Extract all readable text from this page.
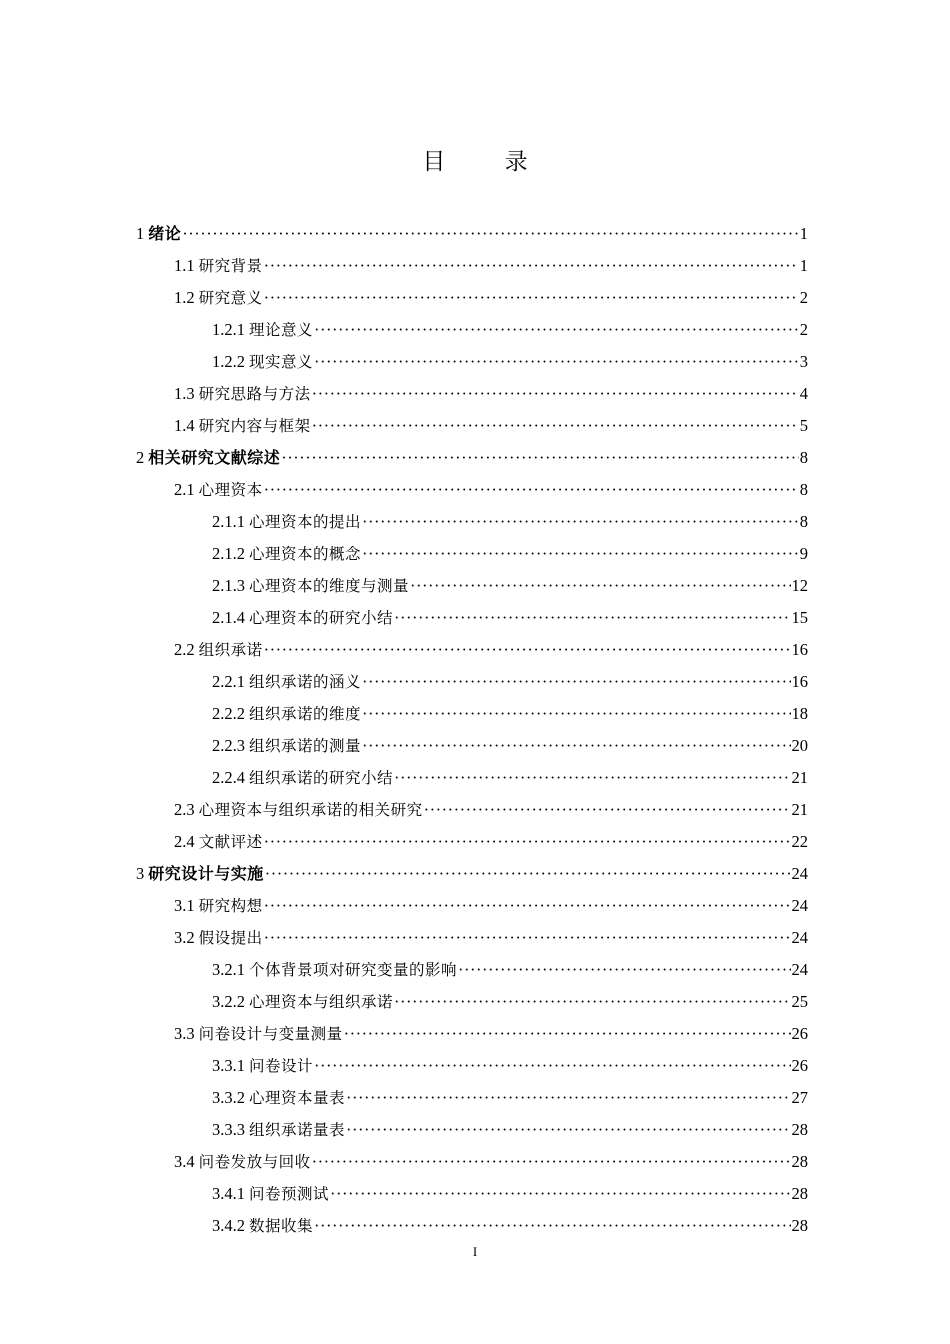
目 录
1 绪论 ·····	1
1.1 研究背景 ·····	1
1.2 研究意义 ·····	2
1.2.1 理论意义 ·····	2
1.2.2 现实意义 ·····	3
1.3 研究思路与方法 ·····	4
1.4 研究内容与框架 ·····	5
2 相关研究文献综述 ·····	8
2.1 心理资本 ·····	8
2.1.1 心理资本的提出 ·····	8
2.1.2 心理资本的概念 ·····	9
2.1.3 心理资本的维度与测量 ·····	12
2.1.4 心理资本的研究小结 ·····	15
2.2 组织承诺 ·····	16
2.2.1 组织承诺的涵义 ·····	16
2.2.2 组织承诺的维度 ·····	18
2.2.3 组织承诺的测量 ·····	20
2.2.4 组织承诺的研究小结 ·····	21
2.3 心理资本与组织承诺的相关研究 ·····	21
2.4 文献评述 ·····	22
3 研究设计与实施 ·····	24
3.1 研究构想 ·····	24
3.2 假设提出 ·····	24
3.2.1 个体背景项对研究变量的影响 ·····	24
3.2.2 心理资本与组织承诺 ·····	25
3.3 问卷设计与变量测量 ·····	26
3.3.1 问卷设计 ·····	26
3.3.2 心理资本量表 ·····	27
3.3.3 组织承诺量表 ·····	28
3.4 问卷发放与回收 ·····	28
3.4.1 问卷预测试 ·····	28
3.4.2 数据收集 ·····	28
I
